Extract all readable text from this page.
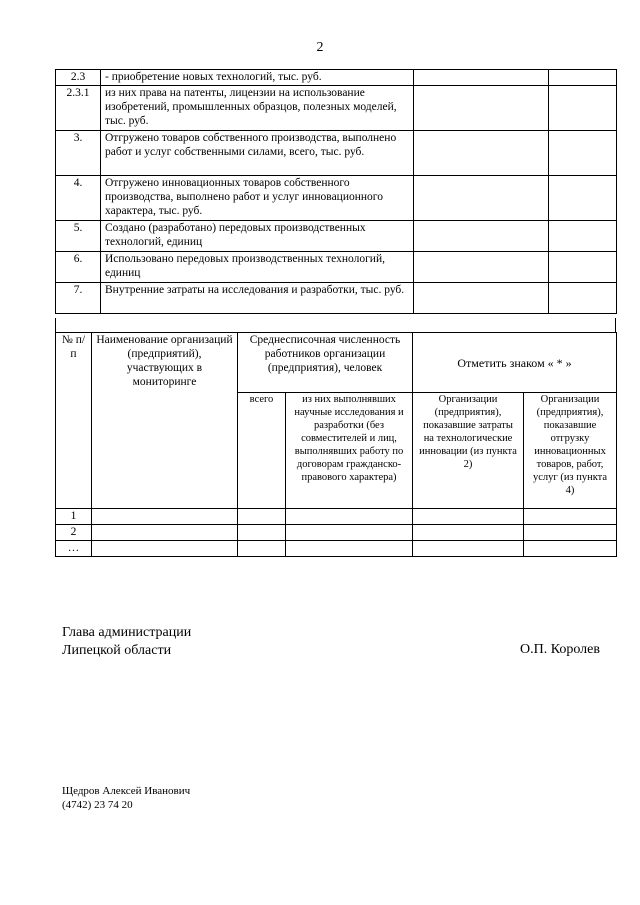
2
2.3	- приобретение новых технологий, тыс. руб.		
2.3.1	из них права на патенты, лицензии на использование изобретений, промышленных образцов, полезных моделей, тыс. руб.		
3.	Отгружено товаров собственного производства, выполнено работ и услуг собственными силами, всего, тыс. руб.		
4.	Отгружено инновационных товаров собственного производства, выполнено работ и услуг инновационного характера, тыс. руб.		
5.	Создано (разработано) передовых производственных технологий, единиц		
6.	Использовано передовых производственных технологий, единиц		
7.	Внутренние затраты на исследования и разработки, тыс. руб.		
№ п/п	Наименование организаций (предприятий), участвующих в мониторинге	Среднесписочная численность работников организации (предприятия), человек		Отметить знаком « * »	
		всего	из них выполнявших научные исследования и разработки (без совместителей и лиц, выполнявших работу по договорам гражданско-правового характера)	Организации (предприятия), показавшие затраты на технологические инновации (из пункта 2)	Организации (предприятия), показавшие отгрузку инновационных товаров, работ, услуг (из пункта 4)
1					
2					
…					
Глава администрации
Липецкой области	О.П. Королев
Щедров Алексей Иванович
(4742) 23 74 20
